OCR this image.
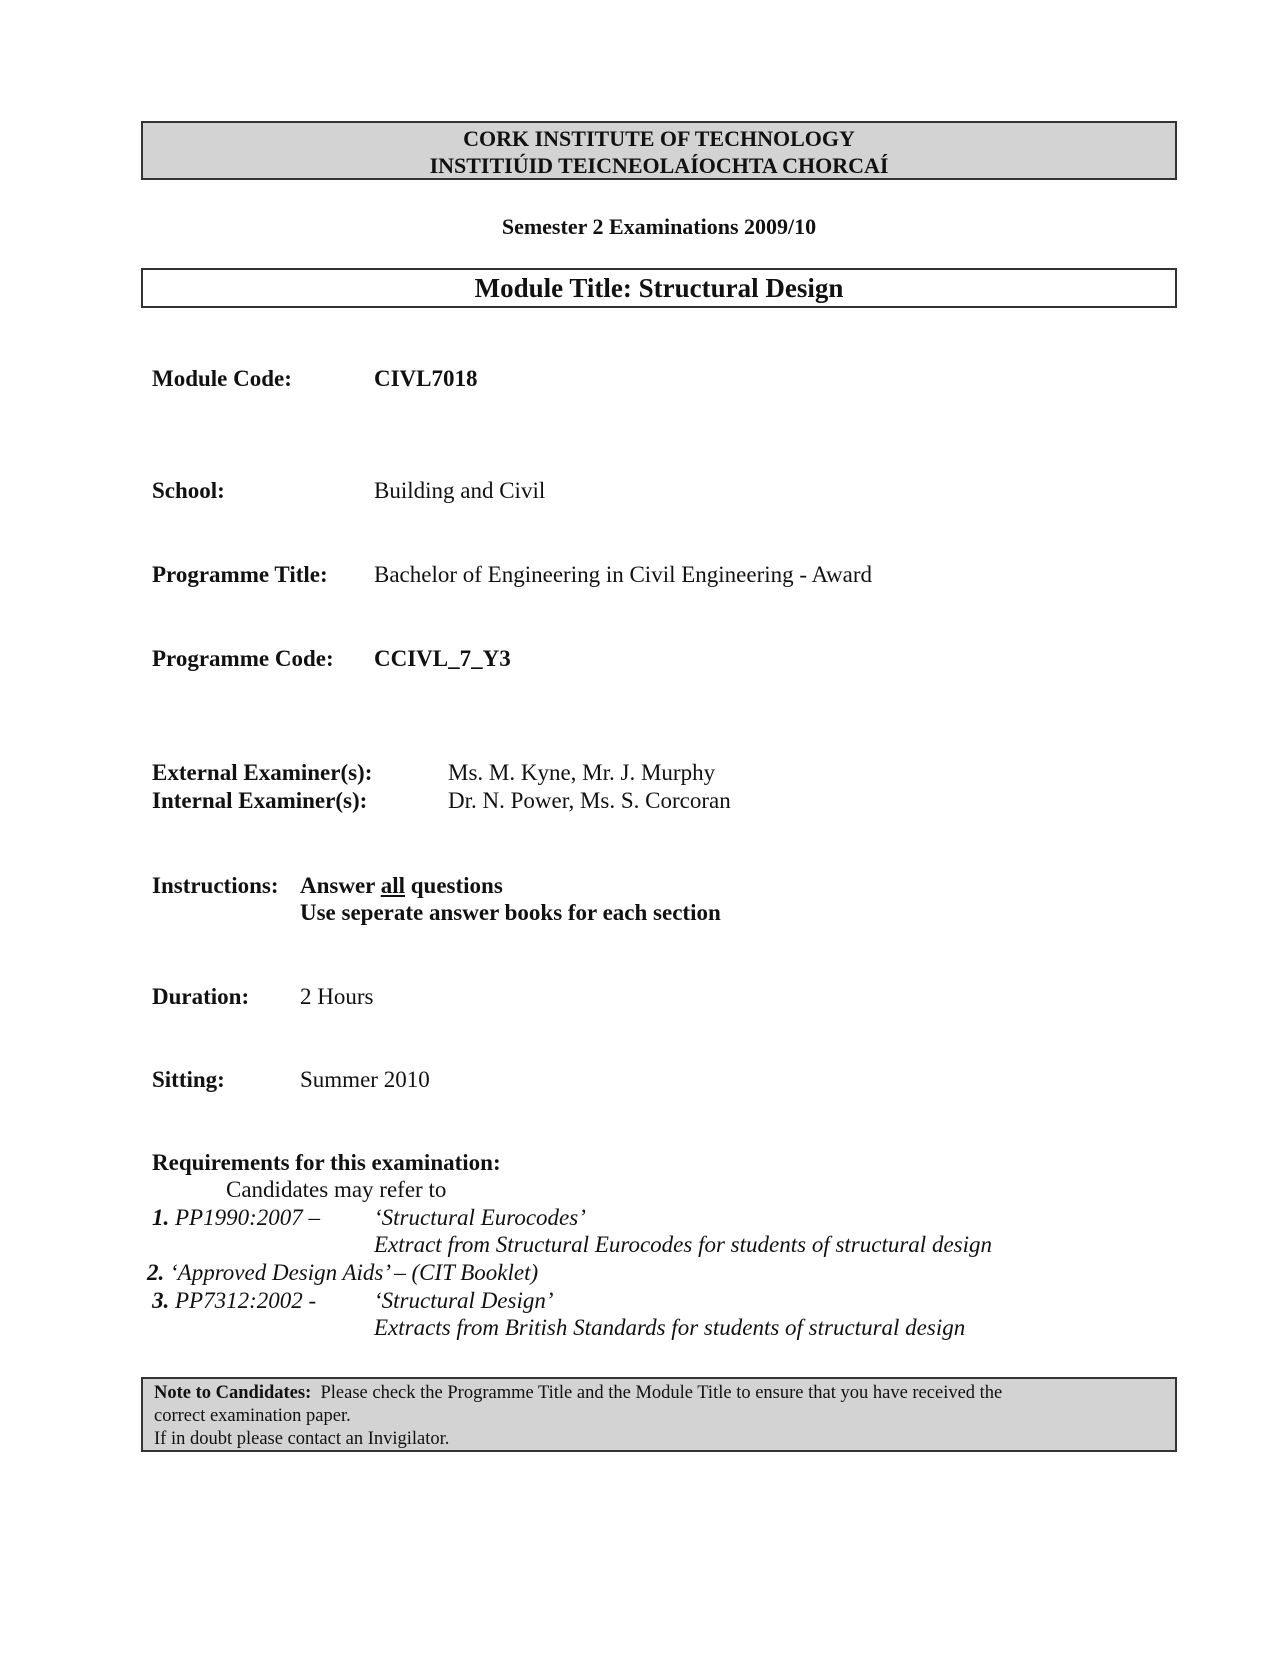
CORK INSTITUTE OF TECHNOLOGY
INSTITIÚID TEICNEOLAÍOCHTA CHORCAÍ
Semester 2 Examinations 2009/10
Module Title: Structural Design
Module Code:	CIVL7018
School:	Building and Civil
Programme Title: Bachelor of Engineering in Civil Engineering - Award
Programme Code: CCIVL_7_Y3
External Examiner(s):	Ms. M. Kyne, Mr. J. Murphy
Internal Examiner(s):	Dr. N. Power, Ms. S. Corcoran
Instructions: Answer all questions
Use seperate answer books for each section
Duration: 2 Hours
Sitting:	Summer 2010
Requirements for this examination:
Candidates may refer to
1. PP1990:2007 – ‘Structural Eurocodes’
Extract from Structural Eurocodes for students of structural design
2. ‘Approved Design Aids’ – (CIT Booklet)
3. PP7312:2002 -	‘Structural Design’
Extracts from British Standards for students of structural design
Note to Candidates: Please check the Programme Title and the Module Title to ensure that you have received the
correct examination paper.
If in doubt please contact an Invigilator.
